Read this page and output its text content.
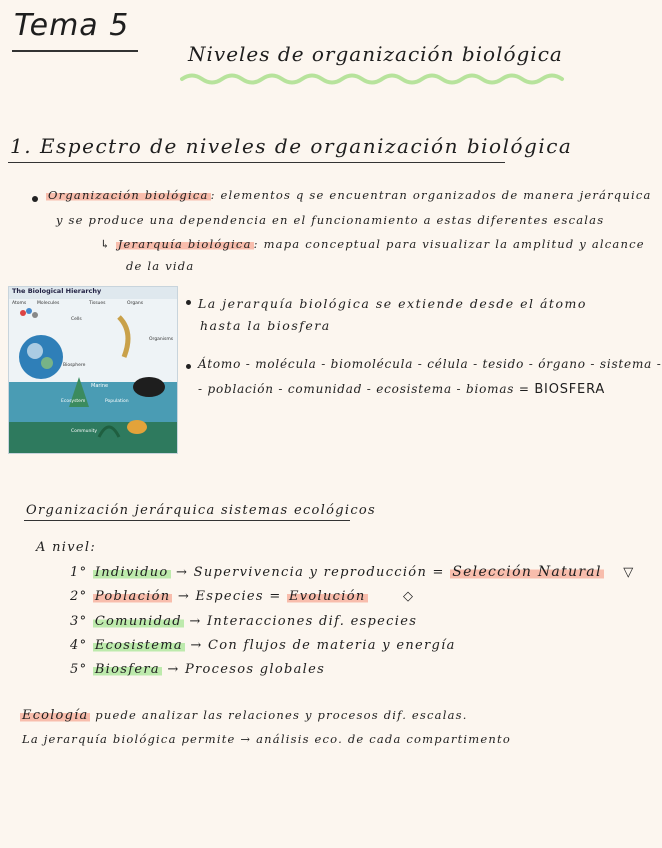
Tema 5
Niveles de organización biológica
1. Espectro de niveles de organización biológica
Organización biológica : elementos q se encuentran organizados de manera jerárquica
y se produce una dependencia en el funcionamiento a estas diferentes escalas
↳ Jerarquía biológica : mapa conceptual para visualizar la amplitud y alcance
de la vida
The Biological Hierarchy
Atoms Molecules
Cells
Tissues	Organs
Organisms
Population
Community
Ecosystem
Biosphere
Marine
La jerarquía biológica se extiende desde el átomo
hasta la biosfera
Átomo - molécula - biomolécula - célula - tesido - órgano - sistema -
- población - comunidad - ecosistema - biomas = BIOSFERA
Organización jerárquica sistemas ecológicos
A nivel:
1° Individuo → Supervivencia y reproducción = Selección Natural ▽
2° Población → Especies = Evolución	◇
3° Comunidad → Interacciones dif. especies
4° Ecosistema → Con flujos de materia y energía
5° Biosfera → Procesos globales
Ecología puede analizar las relaciones y procesos dif. escalas.
La jerarquía biológica permite → análisis eco. de cada compartimento
